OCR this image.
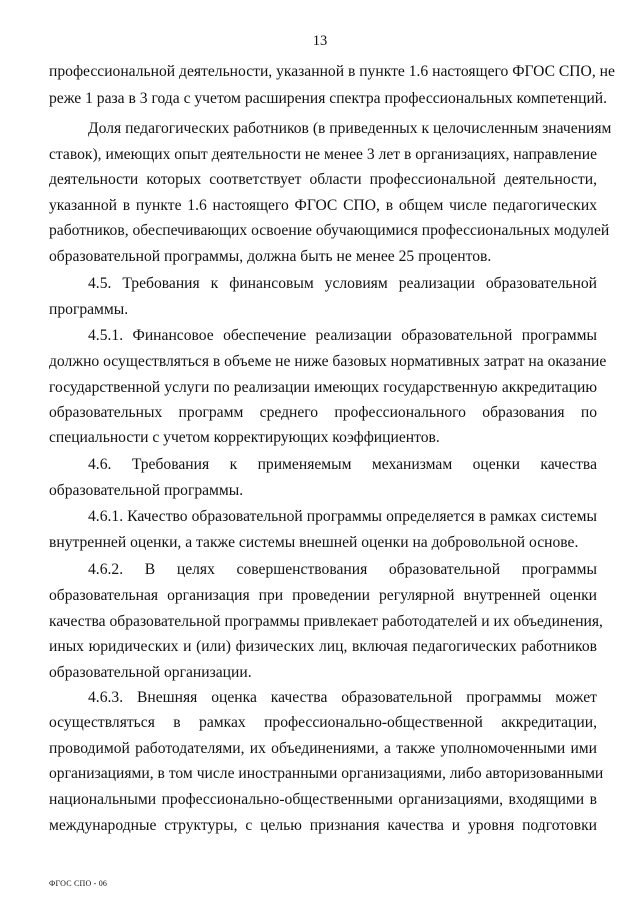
13
профессиональной деятельности, указанной в пункте 1.6 настоящего ФГОС СПО, не
реже 1 раза в 3 года с учетом расширения спектра профессиональных компетенций.
Доля педагогических работников (в приведенных к целочисленным значениям
ставок), имеющих опыт деятельности не менее 3 лет в организациях, направление
деятельности которых соответствует области профессиональной деятельности,
указанной в пункте 1.6 настоящего ФГОС СПО, в общем числе педагогических
работников, обеспечивающих освоение обучающимися профессиональных модулей
образовательной программы, должна быть не менее 25 процентов.
4.5. Требования к финансовым условиям реализации образовательной
программы.
4.5.1. Финансовое обеспечение реализации образовательной программы
должно осуществляться в объеме не ниже базовых нормативных затрат на оказание
государственной услуги по реализации имеющих государственную аккредитацию
образовательных программ среднего профессионального образования по
специальности с учетом корректирующих коэффициентов.
4.6. Требования к применяемым механизмам оценки качества
образовательной программы.
4.6.1. Качество образовательной программы определяется в рамках системы
внутренней оценки, а также системы внешней оценки на добровольной основе.
4.6.2. В целях совершенствования образовательной программы
образовательная организация при проведении регулярной внутренней оценки
качества образовательной программы привлекает работодателей и их объединения,
иных юридических и (или) физических лиц, включая педагогических работников
образовательной организации.
4.6.3. Внешняя оценка качества образовательной программы может
осуществляться в рамках профессионально-общественной аккредитации,
проводимой работодателями, их объединениями, а также уполномоченными ими
организациями, в том числе иностранными организациями, либо авторизованными
национальными профессионально-общественными организациями, входящими в
международные структуры, с целью признания качества и уровня подготовки
ФГОС СПО - 06
